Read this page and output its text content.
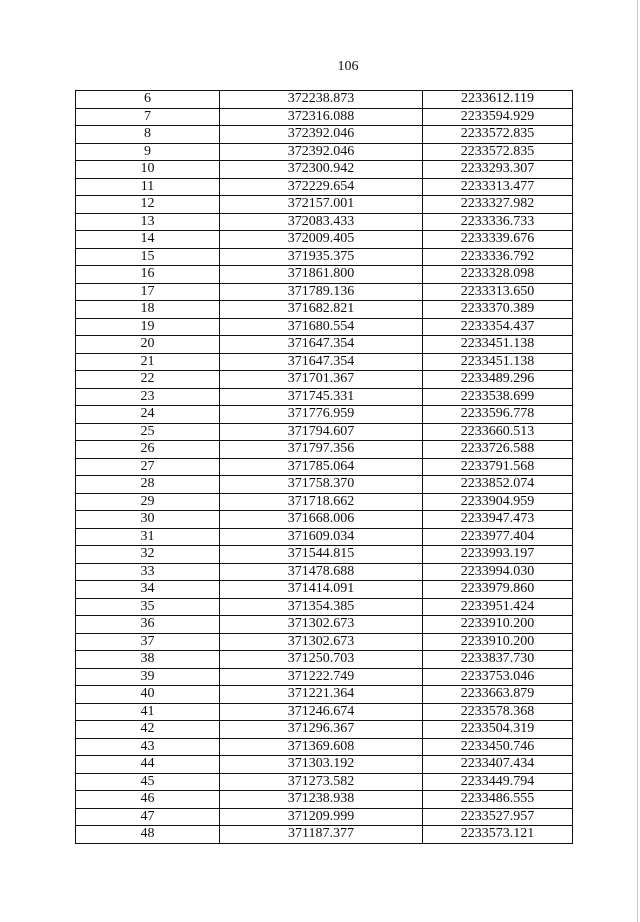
106
6	372238.873	2233612.119
7	372316.088	2233594.929
8	372392.046	2233572.835
9	372392.046	2233572.835
10	372300.942	2233293.307
11	372229.654	2233313.477
12	372157.001	2233327.982
13	372083.433	2233336.733
14	372009.405	2233339.676
15	371935.375	2233336.792
16	371861.800	2233328.098
17	371789.136	2233313.650
18	371682.821	2233370.389
19	371680.554	2233354.437
20	371647.354	2233451.138
21	371647.354	2233451.138
22	371701.367	2233489.296
23	371745.331	2233538.699
24	371776.959	2233596.778
25	371794.607	2233660.513
26	371797.356	2233726.588
27	371785.064	2233791.568
28	371758.370	2233852.074
29	371718.662	2233904.959
30	371668.006	2233947.473
31	371609.034	2233977.404
32	371544.815	2233993.197
33	371478.688	2233994.030
34	371414.091	2233979.860
35	371354.385	2233951.424
36	371302.673	2233910.200
37	371302.673	2233910.200
38	371250.703	2233837.730
39	371222.749	2233753.046
40	371221.364	2233663.879
41	371246.674	2233578.368
42	371296.367	2233504.319
43	371369.608	2233450.746
44	371303.192	2233407.434
45	371273.582	2233449.794
46	371238.938	2233486.555
47	371209.999	2233527.957
48	371187.377	2233573.121
